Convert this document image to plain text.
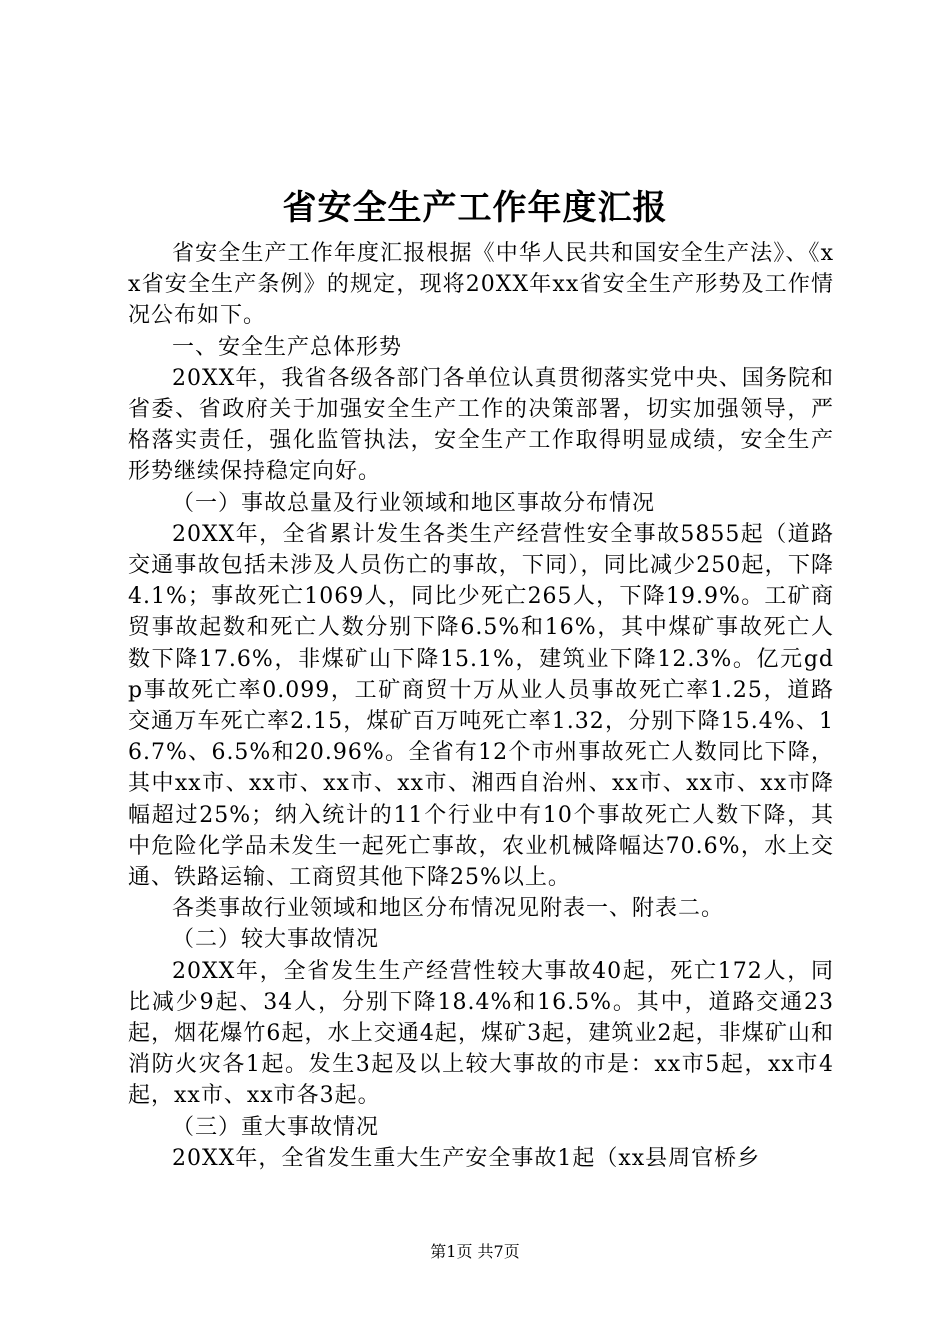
省安全生产工作年度汇报

省安全生产工作年度汇报根据《中华人民共和国安全生产法》、《xx省安全生产条例》的规定，现将20XX年xx省安全生产形势及工作情况公布如下。

一、安全生产总体形势

20XX年，我省各级各部门各单位认真贯彻落实党中央、国务院和省委、省政府关于加强安全生产工作的决策部署，切实加强领导，严格落实责任，强化监管执法，安全生产工作取得明显成绩，安全生产形势继续保持稳定向好。

（一）事故总量及行业领域和地区事故分布情况

20XX年，全省累计发生各类生产经营性安全事故5855起（道路交通事故包括未涉及人员伤亡的事故，下同），同比减少250起，下降4.1%；事故死亡1069人，同比少死亡265人，下降19.9%。工矿商贸事故起数和死亡人数分别下降6.5%和16%，其中煤矿事故死亡人数下降17.6%，非煤矿山下降15.1%，建筑业下降12.3%。亿元gdp事故死亡率0.099，工矿商贸十万从业人员事故死亡率1.25，道路交通万车死亡率2.15，煤矿百万吨死亡率1.32，分别下降15.4%、16.7%、6.5%和20.96%。全省有12个市州事故死亡人数同比下降，其中xx市、xx市、xx市、xx市、湘西自治州、xx市、xx市、xx市降幅超过25%；纳入统计的11个行业中有10个事故死亡人数下降，其中危险化学品未发生一起死亡事故，农业机械降幅达70.6%，水上交通、铁路运输、工商贸其他下降25%以上。

各类事故行业领域和地区分布情况见附表一、附表二。

（二）较大事故情况

20XX年，全省发生生产经营性较大事故40起，死亡172人，同比减少9起、34人，分别下降18.4%和16.5%。其中，道路交通23起，烟花爆竹6起，水上交通4起，煤矿3起，建筑业2起，非煤矿山和消防火灾各1起。发生3起及以上较大事故的市是：xx市5起，xx市4起，xx市、xx市各3起。

（三）重大事故情况

20XX年，全省发生重大生产安全事故1起（xx县周官桥乡

第1页 共7页
